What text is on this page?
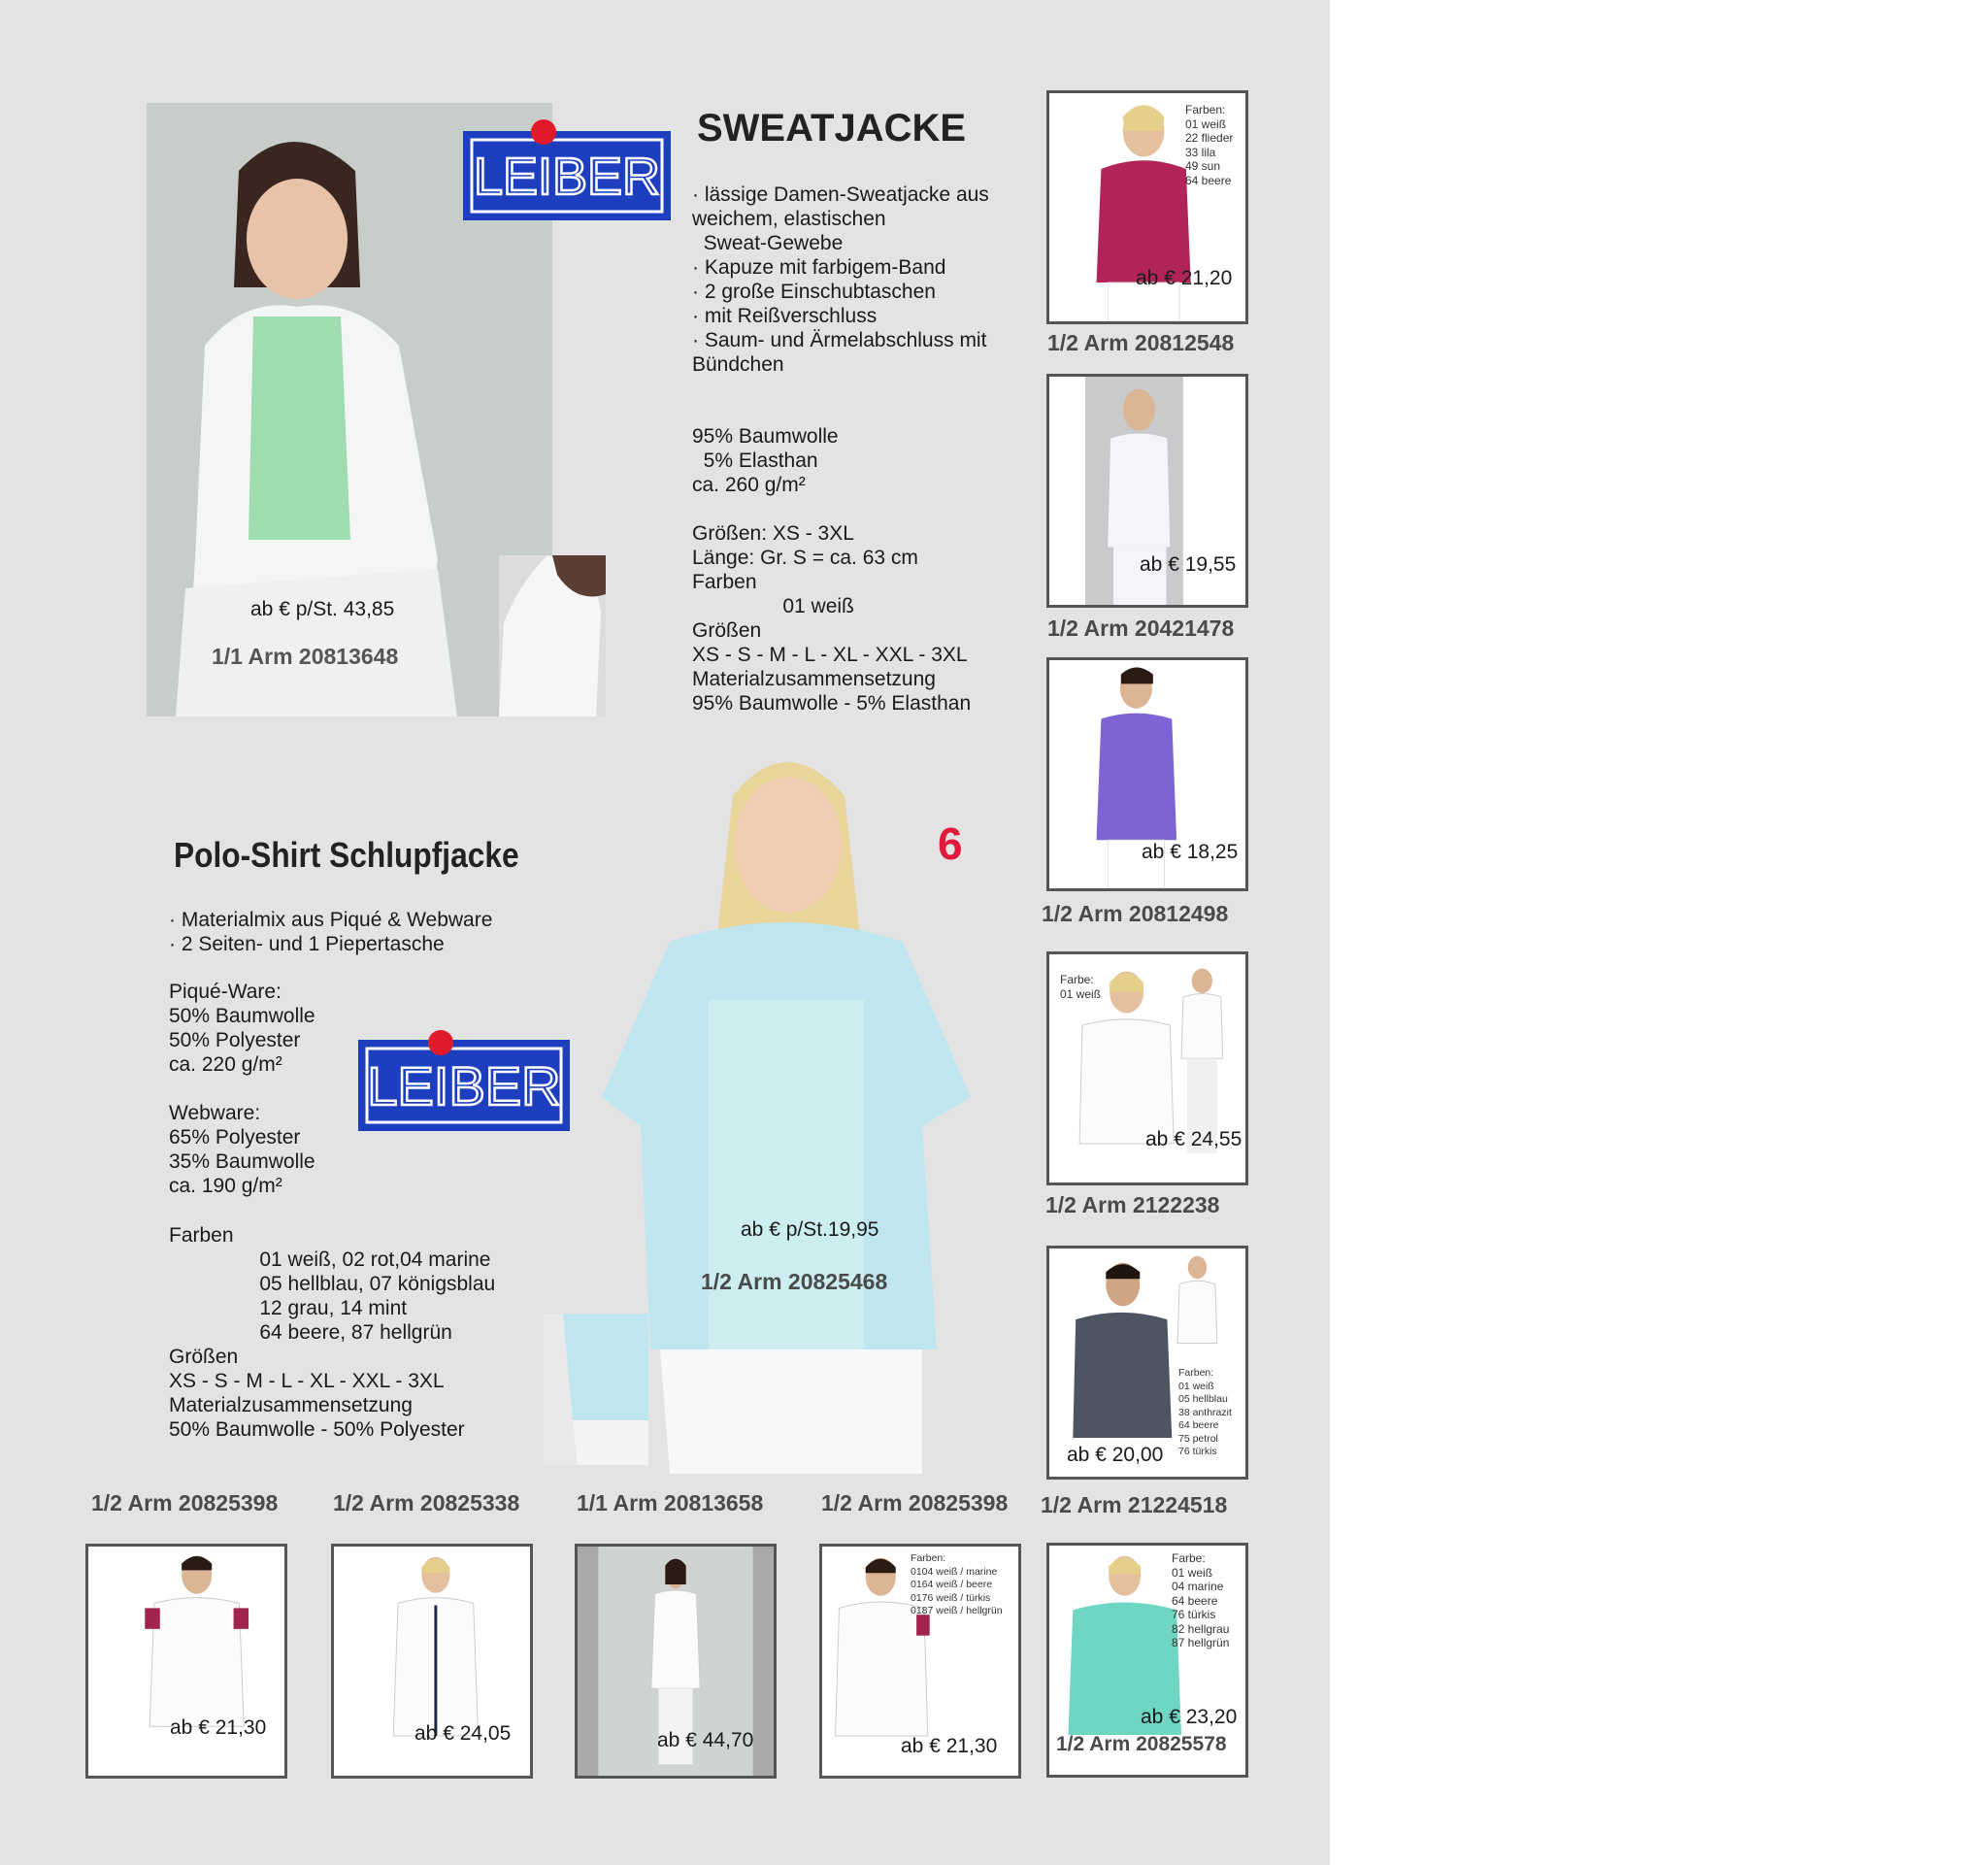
ab € p/St. 43,85
1/1 Arm 20813648
LEIBER
SWEATJACKE
· lässige Damen-Sweatjacke aus
weichem, elastischen
Sweat-Gewebe
· Kapuze mit farbigem-Band
· 2 große Einschubtaschen
· mit Reißverschluss
· Saum- und Ärmelabschluss mit
Bündchen
95% Baumwolle
5% Elasthan
ca. 260 g/m²
Größen: XS - 3XL
Länge: Gr. S = ca. 63 cm
Farben
01 weiß
Größen
XS - S - M - L - XL - XXL - 3XL
Materialzusammensetzung
95% Baumwolle - 5% Elasthan
Farben:
01 weiß
22 flieder
33 lila
49 sun
64 beere
ab € 21,20
1/2 Arm 20812548
ab € 19,55
1/2 Arm 20421478
ab € 18,25
1/2 Arm 20812498
Farbe:
01 weiß
ab € 24,55
1/2 Arm 2122238
Farben:
01 weiß
05 hellblau
38 anthrazit
64 beere
75 petrol
76 türkis
ab € 20,00
1/2 Arm 21224518
Polo-Shirt Schlupfjacke
· Materialmix aus Piqué & Webware
· 2 Seiten- und 1 Piepertasche
Piqué-Ware:
50% Baumwolle
50% Polyester
ca. 220 g/m²
Webware:
65% Polyester
35% Baumwolle
ca. 190 g/m²
Farben
01 weiß, 02 rot,04 marine
05 hellblau, 07 königsblau
12 grau, 14 mint
64 beere, 87 hellgrün
Größen
XS - S - M - L - XL - XXL - 3XL
Materialzusammensetzung
50% Baumwolle - 50% Polyester
LEIBER
6
ab € p/St.19,95
1/2 Arm 20825468
1/2 Arm 20825398 1/2 Arm 20825338	1/1 Arm 20813658	1/2 Arm 20825398
ab € 21,30	ab € 24,05	ab € 44,70
Farben:
0104 weiß / marine
0164 weiß / beere
0176 weiß / türkis
0187 weiß / hellgrün
ab € 21,30
Farbe:
01 weiß
04 marine
64 beere
76 türkis
82 hellgrau
87 hellgrün
ab € 23,20
1/2 Arm 20825578
